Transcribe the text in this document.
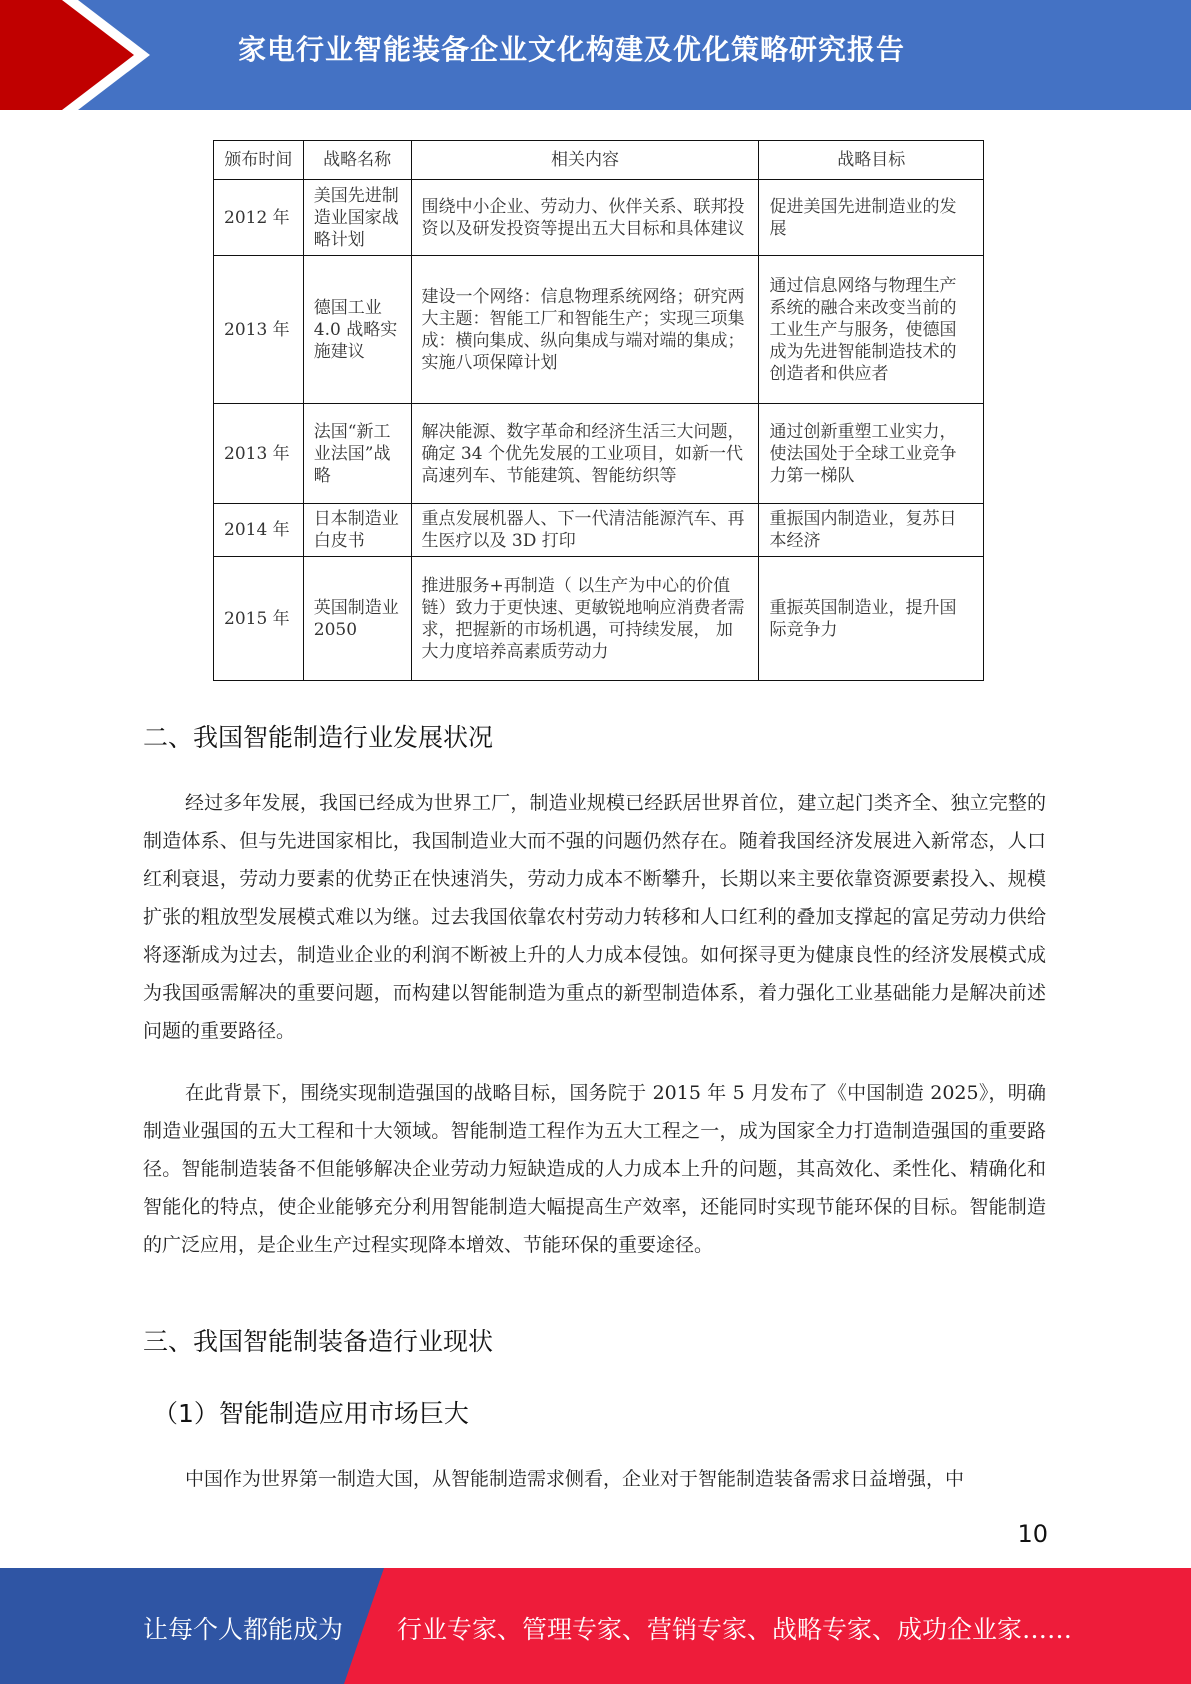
家电行业智能装备企业文化构建及优化策略研究报告
颁布时间	战略名称	相关内容	战略目标
2012 年	美国先进制造业国家战略计划	围绕中小企业、劳动力、伙伴关系、联邦投资以及研发投资等提出五大目标和具体建议	促进美国先进制造业的发展
2013 年	德国工业 4.0 战略实施建议	建设一个网络：信息物理系统网络；研究两大主题：智能工厂和智能生产；实现三项集成：横向集成、纵向集成与端对端的集成；实施八项保障计划	通过信息网络与物理生产系统的融合来改变当前的工业生产与服务，使德国成为先进智能制造技术的创造者和供应者
2013 年	法国“新工业法国”战略	解决能源、数字革命和经济生活三大问题，确定 34 个优先发展的工业项目，如新一代高速列车、节能建筑、智能纺织等	通过创新重塑工业实力，使法国处于全球工业竞争力第一梯队
2014 年	日本制造业白皮书	重点发展机器人、下一代清洁能源汽车、再生医疗以及 3D 打印	重振国内制造业，复苏日本经济
2015 年	英国制造业 2050	推进服务+再制造（ 以生产为中心的价值链）致力于更快速、更敏锐地响应消费者需求，把握新的市场机遇，可持续发展， 加大力度培养高素质劳动力	重振英国制造业，提升国际竞争力
二、我国智能制造行业发展状况

经过多年发展，我国已经成为世界工厂，制造业规模已经跃居世界首位，建立起门类齐全、独立完整的制造体系、但与先进国家相比，我国制造业大而不强的问题仍然存在。随着我国经济发展进入新常态，人口红利衰退，劳动力要素的优势正在快速消失，劳动力成本不断攀升，长期以来主要依靠资源要素投入、规模扩张的粗放型发展模式难以为继。过去我国依靠农村劳动力转移和人口红利的叠加支撑起的富足劳动力供给将逐渐成为过去，制造业企业的利润不断被上升的人力成本侵蚀。如何探寻更为健康良性的经济发展模式成为我国亟需解决的重要问题，而构建以智能制造为重点的新型制造体系，着力强化工业基础能力是解决前述问题的重要路径。

在此背景下，围绕实现制造强国的战略目标，国务院于 2015 年 5 月发布了《中国制造 2025》，明确制造业强国的五大工程和十大领域。智能制造工程作为五大工程之一，成为国家全力打造制造强国的重要路径。智能制造装备不但能够解决企业劳动力短缺造成的人力成本上升的问题，其高效化、柔性化、精确化和智能化的特点，使企业能够充分利用智能制造大幅提高生产效率，还能同时实现节能环保的目标。智能制造的广泛应用，是企业生产过程实现降本增效、节能环保的重要途径。

三、我国智能制装备造行业现状
（1）智能制造应用市场巨大

中国作为世界第一制造大国，从智能制造需求侧看，企业对于智能制造装备需求日益增强，中

10
让每个人都能成为 行业专家、管理专家、营销专家、战略专家、成功企业家……
